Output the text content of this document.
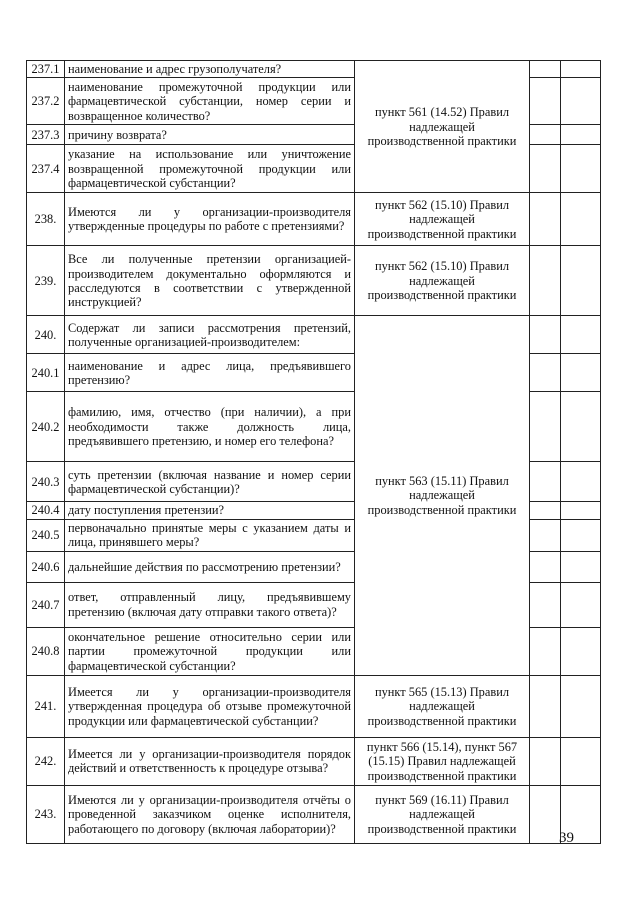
237.1	наименование и адрес грузополучателя?	пункт 561 (14.52) Правил надлежащей производственной практики		
237.2	наименование промежуточной продукции или фармацевтической субстанции, номер серии и возвращенное количество?			
237.3	причину возврата?			
237.4	указание на использование или уничтожение возвращенной промежуточной продукции или фармацевтической субстанции?			
238.	Имеются ли у организации-производителя утвержденные процедуры по работе с претензиями?	пункт 562 (15.10) Правил надлежащей производственной практики		
239.	Все ли полученные претензии организацией-производителем документально оформляются и расследуются в соответствии с утвержденной инструкцией?	пункт 562 (15.10) Правил надлежащей производственной практики		
240.	Содержат ли записи рассмотрения претензий, полученные организацией-производителем:	пункт 563 (15.11) Правил надлежащей производственной практики		
240.1	наименование и адрес лица, предъявившего претензию?			
240.2	фамилию, имя, отчество (при наличии), а при необходимости также должность лица, предъявившего претензию, и номер его телефона?			
240.3	суть претензии (включая название и номер серии фармацевтической субстанции)?			
240.4	дату поступления претензии?			
240.5	первоначально принятые меры с указанием даты и лица, принявшего меры?			
240.6	дальнейшие действия по рассмотрению претензии?			
240.7	ответ, отправленный лицу, предъявившему претензию (включая дату отправки такого ответа)?			
240.8	окончательное решение относительно серии или партии промежуточной продукции или фармацевтической субстанции?			
241.	Имеется ли у организации-производителя утвержденная процедура об отзыве промежуточной продукции или фармацевтической субстанции?	пункт 565 (15.13) Правил надлежащей производственной практики		
242.	Имеется ли у организации-производителя порядок действий и ответственность к процедуре отзыва?	пункт 566 (15.14), пункт 567 (15.15) Правил надлежащей производственной практики		
243.	Имеются ли у организации-производителя отчёты о проведенной заказчиком оценке исполнителя, работающего по договору (включая лаборатории)?	пункт 569 (16.11) Правил надлежащей производственной практики		
39
